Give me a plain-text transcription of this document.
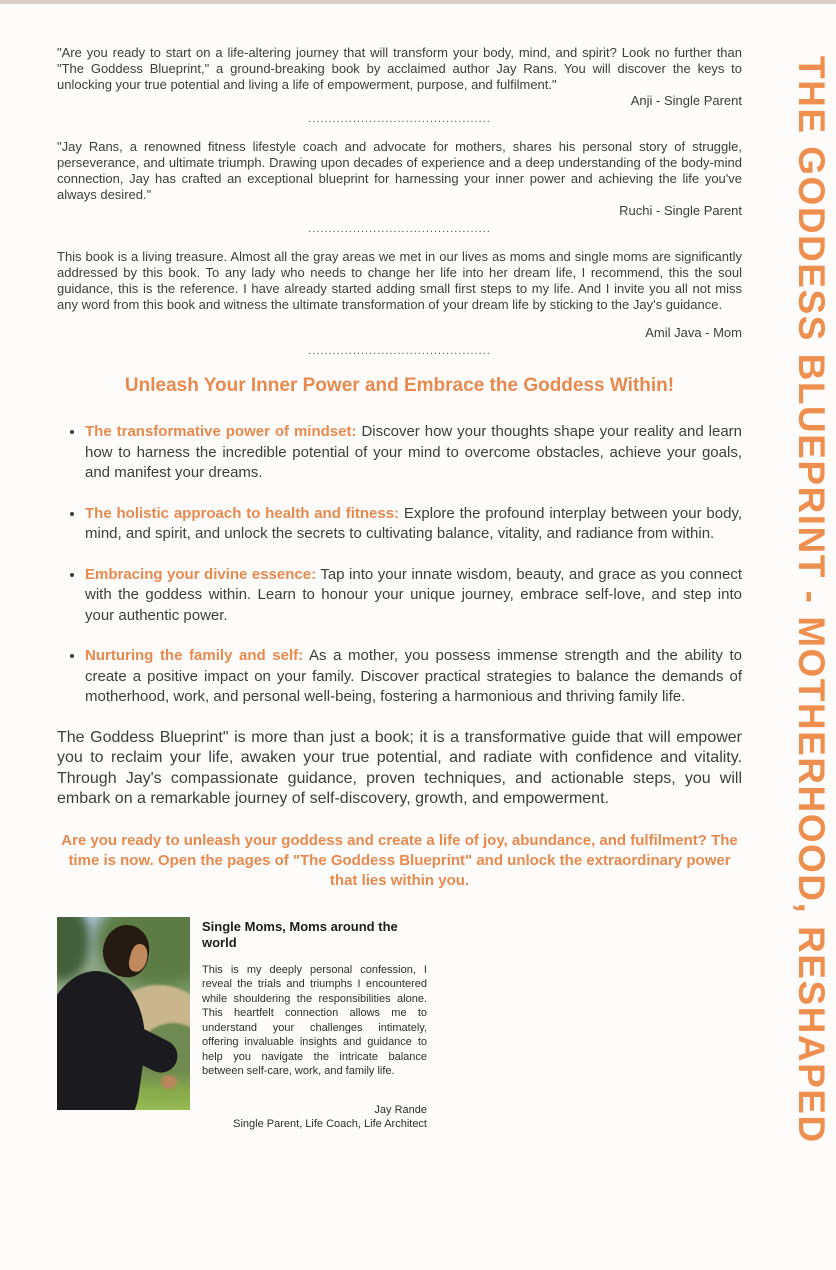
"Are you ready to start on a life-altering journey that will transform your body, mind, and spirit? Look no further than "The Goddess Blueprint," a ground-breaking book by acclaimed author Jay Rans. You will discover the keys to unlocking your true potential and living a life of empowerment, purpose, and fulfilment."

Anji - Single Parent

.............................................

"Jay Rans, a renowned fitness lifestyle coach and advocate for mothers, shares his personal story of struggle, perseverance, and ultimate triumph. Drawing upon decades of experience and a deep understanding of the body-mind connection, Jay has crafted an exceptional blueprint for harnessing your inner power and achieving the life you've always desired."

Ruchi - Single Parent

.............................................

This book is a living treasure. Almost all the gray areas we met in our lives as moms and single moms are significantly addressed by this book. To any lady who needs to change her life into her dream life, I recommend, this the soul guidance, this is the reference. I have already started adding small first steps to my life. And I invite you all not miss any word from this book and witness the ultimate transformation of your dream life by sticking to the Jay's guidance.

Amil Java - Mom

.............................................

Unleash Your Inner Power and Embrace the Goddess Within!
• The transformative power of mindset: Discover how your thoughts shape your reality and learn how to harness the incredible potential of your mind to overcome obstacles, achieve your goals, and manifest your dreams.
• The holistic approach to health and fitness: Explore the profound interplay between your body, mind, and spirit, and unlock the secrets to cultivating balance, vitality, and radiance from within.
• Embracing your divine essence: Tap into your innate wisdom, beauty, and grace as you connect with the goddess within. Learn to honour your unique journey, embrace self-love, and step into your authentic power.
• Nurturing the family and self: As a mother, you possess immense strength and the ability to create a positive impact on your family. Discover practical strategies to balance the demands of motherhood, work, and personal well-being, fostering a harmonious and thriving family life.

The Goddess Blueprint" is more than just a book; it is a transformative guide that will empower you to reclaim your life, awaken your true potential, and radiate with confidence and vitality. Through Jay's compassionate guidance, proven techniques, and actionable steps, you will embark on a remarkable journey of self-discovery, growth, and empowerment.

Are you ready to unleash your goddess and create a life of joy, abundance, and fulfilment? The time is now. Open the pages of "The Goddess Blueprint" and unlock the extraordinary power that lies within you.

Single Moms, Moms around the world

This is my deeply personal confession, I reveal the trials and triumphs I encountered while shouldering the responsibilities alone. This heartfelt connection allows me to understand your challenges intimately, offering invaluable insights and guidance to help you navigate the intricate balance between self-care, work, and family life.

Jay Rande

Single Parent, Life Coach, Life Architect	THE GODDESS BLUEPRINT - MOTHERHOOD, RESHAPED
